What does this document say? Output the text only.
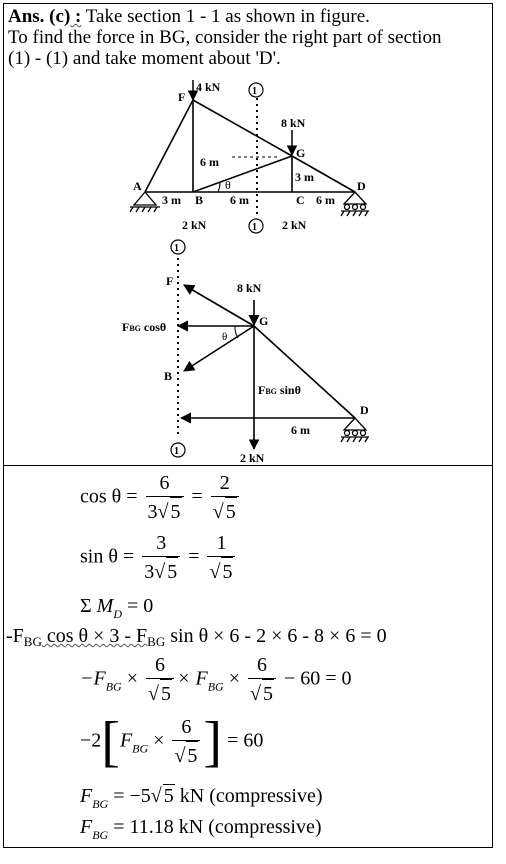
Ans. (c) : Take section 1 - 1 as shown in figure.
To find the force in BG, consider the right part of section
(1) - (1) and take moment about 'D'.
4 kN
F	1
8 kN
G
6 m
3 m
θ
A
3 m B 6 m	C 6 m
D
2 kN	1 2 kN
1
F	8 kN
G
FBG cosθ
θ
B
FBG sinθ
D
6 m
1	2 kN
$\cos \theta = \frac{6}{3√ 5} = \frac{2}{√ 5}$
$\sin \theta = \frac{3}{3√ 5} = \frac{1}{√ 5}$
Σ $M_D = 0$
$-F_{BG}$ $\cos \theta \times 3 - F_{BG}$ sin θ × 6 - 2 × 6 - 8 × 6 = 0
$-F_{BG} \times \frac{6}{√ 5} \times F_{BG} \times \frac{6}{√ 5} - 60 = 0$
$-2[F_{BG} \times \frac{6}{√ 5}$ ] = 60
$F_{BG} = -5√$ 5 kN (compressive)
$F_{BG} = 11.18$ kN (compressive)
